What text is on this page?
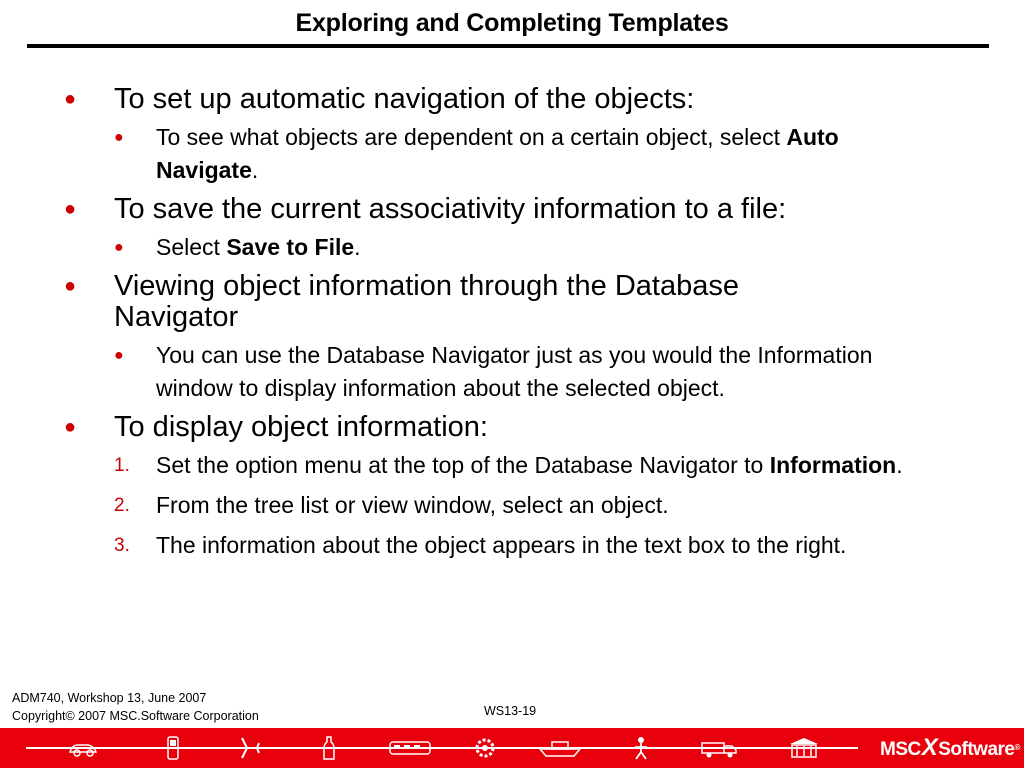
Exploring and Completing Templates
● To set up automatic navigation of the objects:
● To see what objects are dependent on a certain object, select Auto Navigate.
● To save the current associativity information to a file:
● Select Save to File.
● Viewing object information through the Database Navigator
● You can use the Database Navigator just as you would the Information window to display information about the selected object.
● To display object information:
1. Set the option menu at the top of the Database Navigator to Information.
2. From the tree list or view window, select an object.
3. The information about the object appears in the text box to the right.
ADM740, Workshop 13, June 2007
Copyright© 2007 MSC.Software Corporation	WS13-19
MSCXSoftware®
